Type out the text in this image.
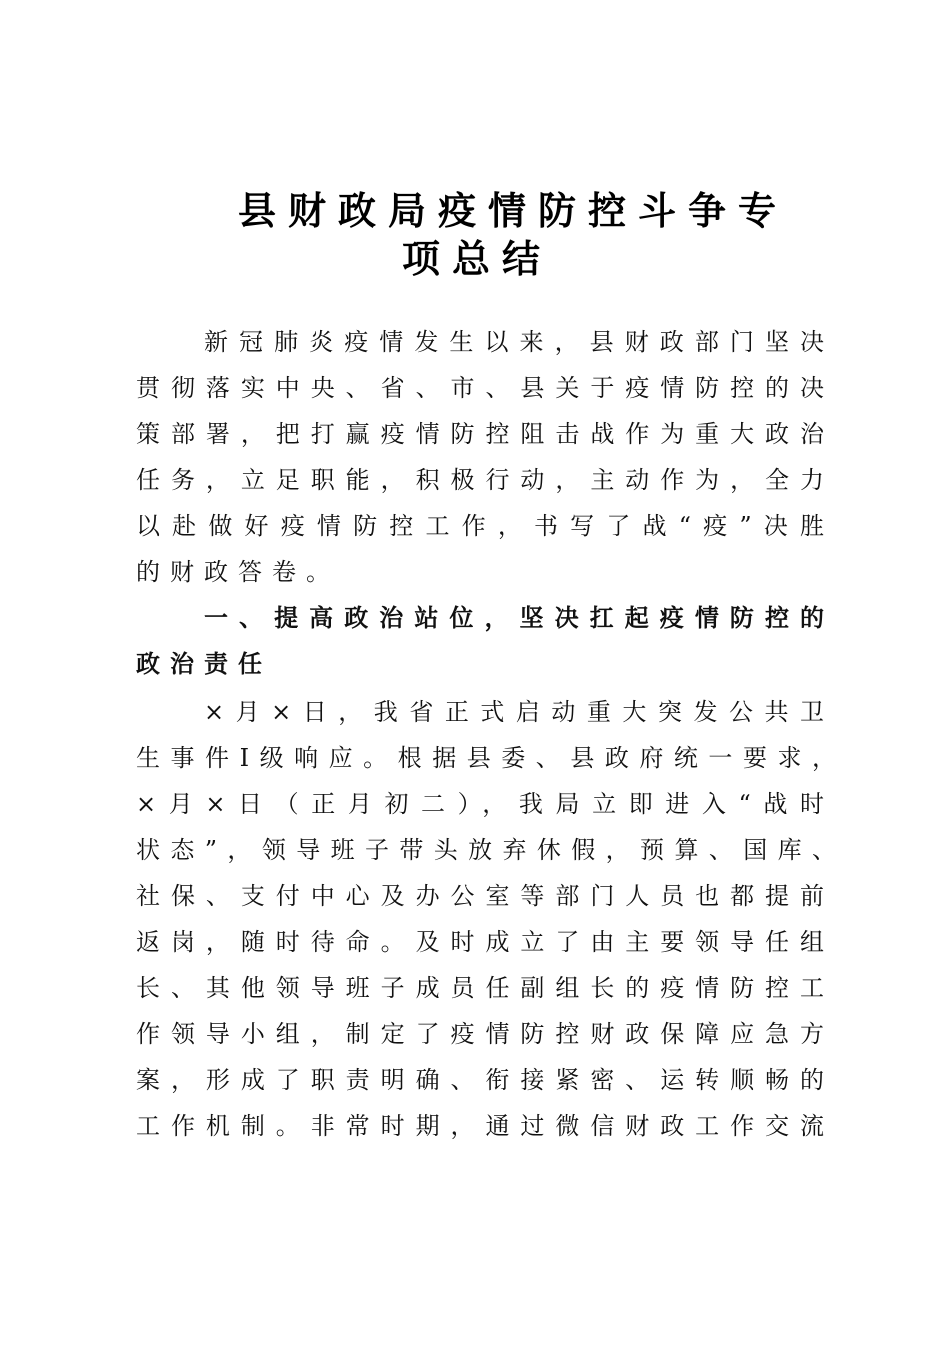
县财政局疫情防控斗争专
项总结
新冠肺炎疫情发生以来，县财政部门坚决
贯彻落实中央、省、市、县关于疫情防控的决
策部署，把打赢疫情防控阻击战作为重大政治
任务，立足职能，积极行动，主动作为，全力
以赴做好疫情防控工作，书写了战“疫”决胜
的财政答卷。
一、提高政治站位，坚决扛起疫情防控的
政治责任
×月×日，我省正式启动重大突发公共卫
生事件Ⅰ级响应。根据县委、县政府统一要求，
×月×日（正月初二），我局立即进入“战时
状态”，领导班子带头放弃休假，预算、国库、
社保、支付中心及办公室等部门人员也都提前
返岗，随时待命。及时成立了由主要领导任组
长、其他领导班子成员任副组长的疫情防控工
作领导小组，制定了疫情防控财政保障应急方
案，形成了职责明确、衔接紧密、运转顺畅的
工作机制。非常时期，通过微信财政工作交流
